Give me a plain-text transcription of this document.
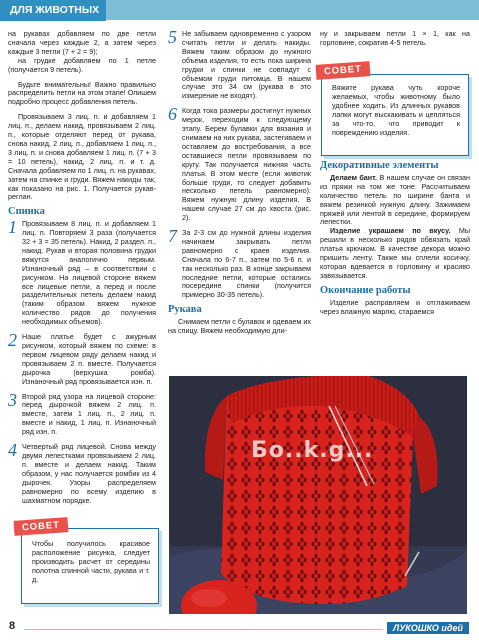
ДЛЯ ЖИВОТНЫХ

на рукавах добавляем по две петли сначала через каждые 2, а затем через каждые 3 петли (7 + 2 = 9);

на грудке добавляем по 1 петле (получается 9 петель).

Будьте внимательны! Важно правильно распределить петли на этом этапе! Опишем подробно процесс добавления петель.

Провязываем 3 лиц. п. и добавляем 1 лиц. п., делаем накид, провязываем 2 лиц. п., которые отделяют перед от рукава, снова накид, 2 лиц. п., добавляем 1 лиц. п., 3 лиц. п. и снова добавляем 1 лиц. п. (7 + 3 = 10 петель), накид, 2 лиц. п. и т. д. Сначала добавляем по 1 лиц. п. на рукавах, затем на спинке и груди. Вяжем накиды так, как показано на рис. 1. Получается рукав-реглан.

Спинка

1 Провязываем 8 лиц. п. и добавляем 1 лиц. п. Повторяем 3 раза (получается 32 + 3 = 35 петель). Накид, 2 раздел. п., накид. Рукав и вторая половина грудки вяжутся аналогично первым. Изнаночный ряд – в соответствии с рисунком. На лицевой стороне вяжем все лицевые петли, а перед и после разделительных петель делаем накид (таким образом вяжем нужное количество рядов до получения необходимых объемов).

2 Наше платье будет с ажурным рисунком, который вяжем по схеме: в первом лицевом ряду делаем накид и провязываем 2 п. вместе. Получается дырочка (верхушка ромба). Изнаночный ряд провязывается изн. п.

3 Второй ряд узора на лицевой стороне: перед дырочкой вяжем 2 лиц. п. вместе, затем 1 лиц. п., 2 лиц. п. вместе и накид, 1 лиц. п. Изнаночный ряд изн. п.

4 Четвертый ряд лицевой. Снова между двумя лепестками провязываем 2 лиц. п. вместе и делаем накид. Таким образом, у нас получается ромбик из 4 дырочек. Узоры распределяем равномерно по всему изделию в шахматном порядке.

Чтобы получилось красивое расположение рисунка, следует производить расчет от середины полотна спинной части, рукава и т. д.
СОВЕТ

5 Не забываем одновременно с узором считать петли и делать накиды. Вяжем таким образом до нужного объема изделия, то есть пока ширина грудки и спинки не совпадут с объемом груди питомца. В нашем случае это 34 см (рукава в это измерение не входят).

6 Когда тока размеры достигнут нужных мерок, переходим к следующему этапу. Берем булавки для вязания и снимаем на них рукава, застегиваем и оставляем до востребования, а все оставшиеся петли провязываем по кругу. Так получается нижняя часть платья. В этом месте (если животик больше груди, то следует добавить несколько петель равномерно). Вяжем нужную длину изделия. В нашем случае 27 см до хвоста (рис. 2).

7 За 2-3 см до нужной длины изделия начинаем закрывать петли равномерно с краев изделия. Сначала по 6-7 п., затем по 5-6 п. и так несколько раз. В конце закрываем последние петли, которые остались посередине спинки (получится примерно 30-35 петель).

Рукава

Снимаем петли с булавок и одеваем их на спицу. Вяжем необходимую дли-

ну и закрываем петли 1 × 1, как на горловине, сократив 4-5 петель.

Вяжите рукава чуть короче желаемых, чтобы животному было удобнее ходить. Из длинных рукавов лапки могут выскакивать и цепляться за что-то, что приводит к повреждению изделия.
СОВЕТ

Декоративные элементы

Делаем бант. В нашем случае он связан из пряжи на том же тоне. Рассчитываем количество петель по ширине банта и вяжем резинкой нужную длину. Зажимаем пряжей или лентой в середине, формируем лепестки.

Изделие украшаем по вкусу. Мы решили в несколько рядов обвязать край платья крючком. В качестве декора можно пришить ленту. Также мы сплели косичку, которая вдевается в горловину и красиво завязывается.

Окончание работы

Изделие расправляем и отглаживаем через влажную марлю, стараемся

Бо..k.g...
8	ЛУКОШКО идей
